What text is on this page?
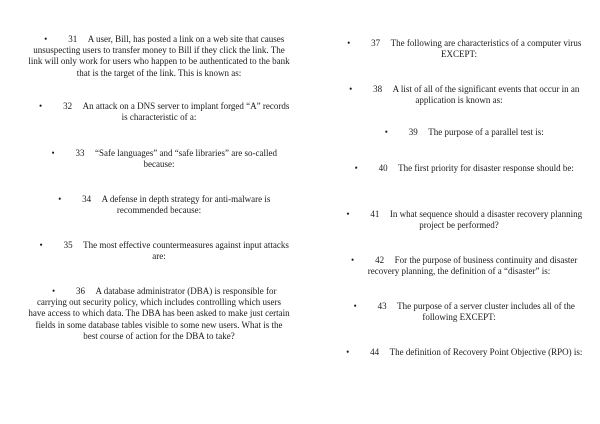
• 31 A user, Bill, has posted a link on a web site that causes unsuspecting users to transfer money to Bill if they click the link. The link will only work for users who happen to be authenticated to the bank that is the target of the link. This is known as:
• 32 An attack on a DNS server to implant forged “A” records is characteristic of a:
• 33 “Safe languages” and “safe libraries” are so-called because:
• 34 A defense in depth strategy for anti-malware is recommended because:
• 35 The most effective countermeasures against input attacks are:
• 36 A database administrator (DBA) is responsible for carrying out security policy, which includes controlling which users have access to which data. The DBA has been asked to make just certain fields in some database tables visible to some new users. What is the best course of action for the DBA to take?
• 37 The following are characteristics of a computer virus EXCEPT:
• 38 A list of all of the significant events that occur in an application is known as:
• 39 The purpose of a parallel test is:
• 40 The first priority for disaster response should be:
• 41 In what sequence should a disaster recovery planning project be performed?
• 42 For the purpose of business continuity and disaster recovery planning, the definition of a “disaster” is:
• 43 The purpose of a server cluster includes all of the following EXCEPT:
• 44 The definition of Recovery Point Objective (RPO) is:
